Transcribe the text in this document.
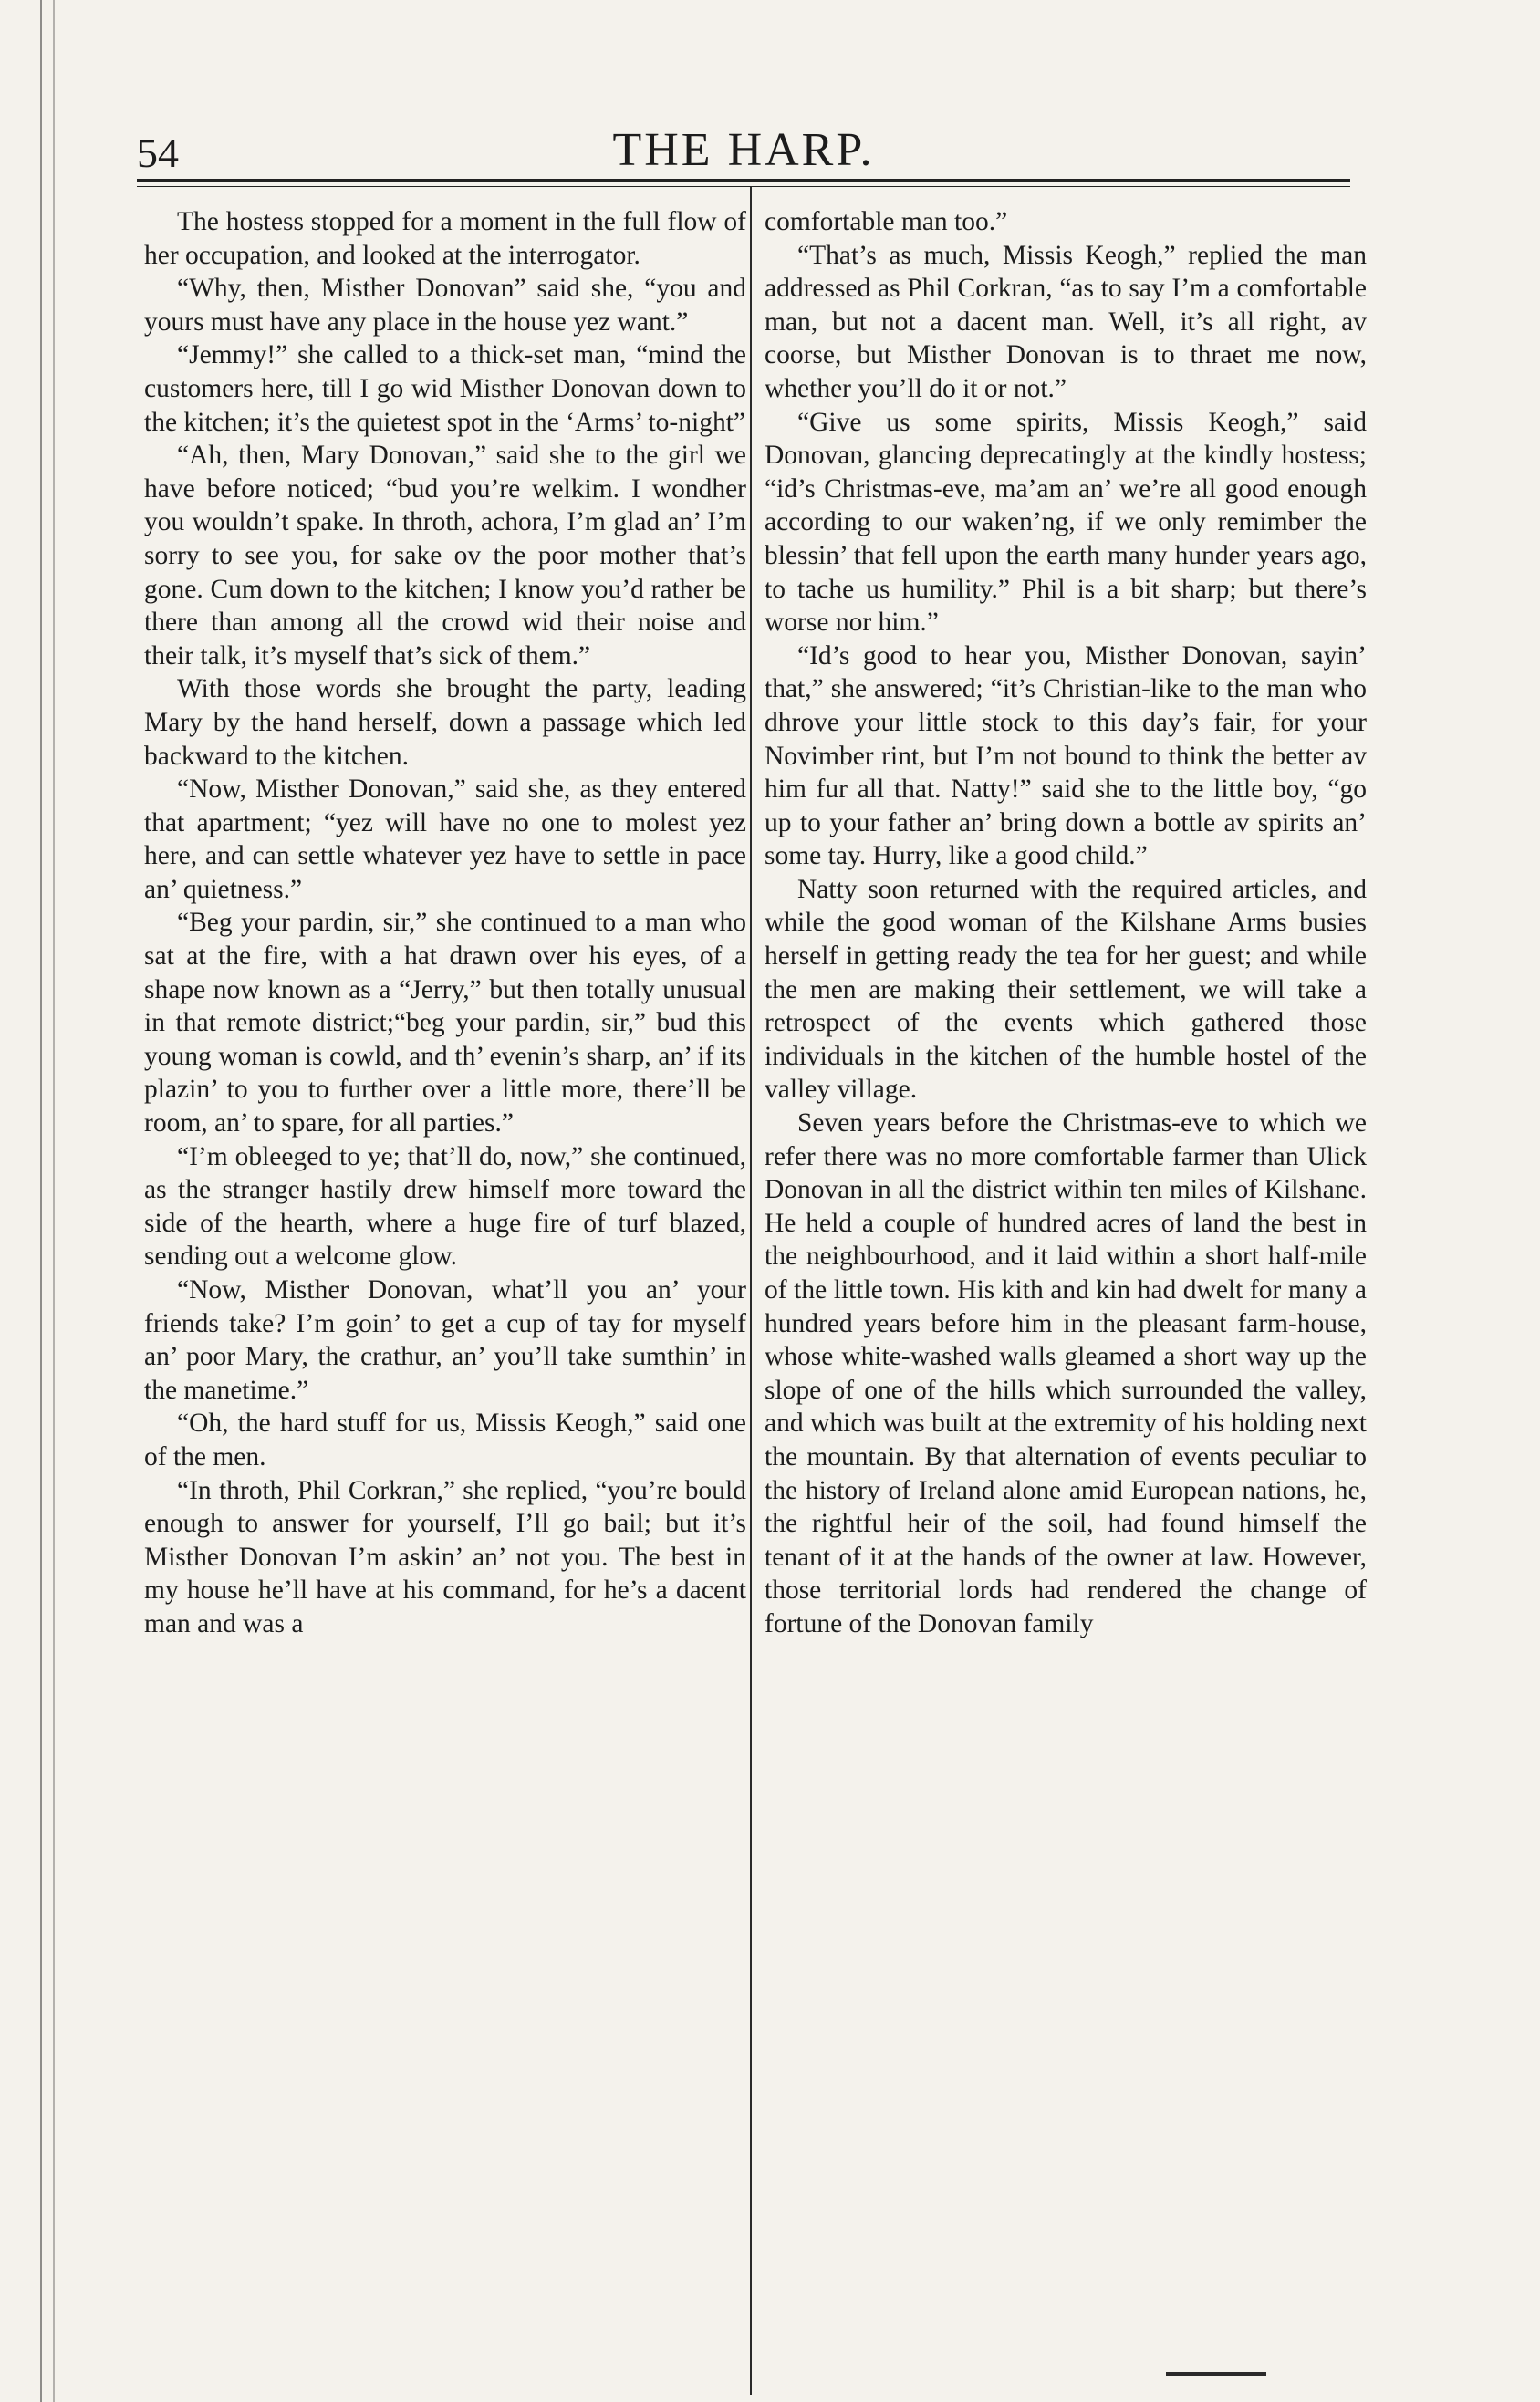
54	THE HARP.

The hostess stopped for a moment in the full flow of her occupation, and looked at the interrogator.

“Why, then, Misther Donovan” said she, “you and yours must have any place in the house yez want.”

“Jemmy!” she called to a thick-set man, “mind the customers here, till I go wid Misther Donovan down to the kitchen; it’s the quietest spot in the ‘Arms’ to-night”

“Ah, then, Mary Donovan,” said she to the girl we have before noticed; “bud you’re welkim. I wondher you wouldn’t spake. In throth, achora, I’m glad an’ I’m sorry to see you, for sake ov the poor mother that’s gone. Cum down to the kitchen; I know you’d rather be there than among all the crowd wid their noise and their talk, it’s myself that’s sick of them.”

With those words she brought the party, leading Mary by the hand herself, down a passage which led backward to the kitchen.

“Now, Misther Donovan,” said she, as they entered that apartment; “yez will have no one to molest yez here, and can settle whatever yez have to settle in pace an’ quietness.”

“Beg your pardin, sir,” she continued to a man who sat at the fire, with a hat drawn over his eyes, of a shape now known as a “Jerry,” but then totally unusual in that remote district;“beg your pardin, sir,” bud this young woman is cowld, and th’ evenin’s sharp, an’ if its plazin’ to you to further over a little more, there’ll be room, an’ to spare, for all parties.”

“I’m obleeged to ye; that’ll do, now,” she continued, as the stranger hastily drew himself more toward the side of the hearth, where a huge fire of turf blazed, sending out a welcome glow.

“Now, Misther Donovan, what’ll you an’ your friends take? I’m goin’ to get a cup of tay for myself an’ poor Mary, the crathur, an’ you’ll take sumthin’ in the manetime.”

“Oh, the hard stuff for us, Missis Keogh,” said one of the men.

“In throth, Phil Corkran,” she replied, “you’re bould enough to answer for yourself, I’ll go bail; but it’s Misther Donovan I’m askin’ an’ not you. The best in my house he’ll have at his command, for he’s a dacent man and was a

comfortable man too.”

“That’s as much, Missis Keogh,” replied the man addressed as Phil Corkran, “as to say I’m a comfortable man, but not a dacent man. Well, it’s all right, av coorse, but Misther Donovan is to thraet me now, whether you’ll do it or not.”

“Give us some spirits, Missis Keogh,” said Donovan, glancing deprecatingly at the kindly hostess; “id’s Christmas-eve, ma’am an’ we’re all good enough according to our waken’ng, if we only remimber the blessin’ that fell upon the earth many hunder years ago, to tache us humility.” Phil is a bit sharp; but there’s worse nor him.”

“Id’s good to hear you, Misther Donovan, sayin’ that,” she answered; “it’s Christian-like to the man who dhrove your little stock to this day’s fair, for your Novimber rint, but I’m not bound to think the better av him fur all that. Natty!” said she to the little boy, “go up to your father an’ bring down a bottle av spirits an’ some tay. Hurry, like a good child.”

Natty soon returned with the required articles, and while the good woman of the Kilshane Arms busies herself in getting ready the tea for her guest; and while the men are making their settlement, we will take a retrospect of the events which gathered those individuals in the kitchen of the humble hostel of the valley village.

Seven years before the Christmas-eve to which we refer there was no more comfortable farmer than Ulick Donovan in all the district within ten miles of Kilshane. He held a couple of hundred acres of land the best in the neighbourhood, and it laid within a short half-mile of the little town. His kith and kin had dwelt for many a hundred years before him in the pleasant farm-house, whose white-washed walls gleamed a short way up the slope of one of the hills which surrounded the valley, and which was built at the extremity of his holding next the mountain. By that alternation of events peculiar to the history of Ireland alone amid European nations, he, the rightful heir of the soil, had found himself the tenant of it at the hands of the owner at law. However, those territorial lords had rendered the change of fortune of the Donovan family
